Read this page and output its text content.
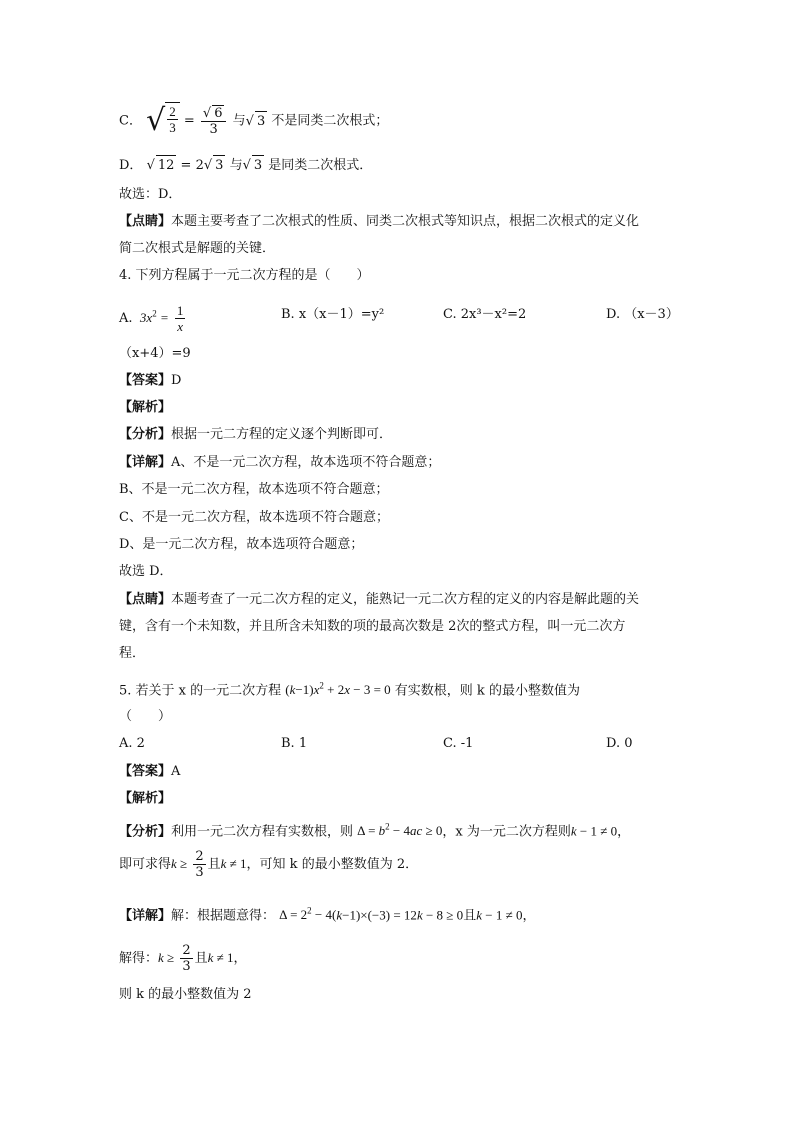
C． √ $\frac{2}{3} = \frac{√ 6}{3}$ 与√ 3 不是同类二次根式；
D． √ 12 = 2√ 3 与√ 3 是同类二次根式．
故选：D．
【点睛】本题主要考查了二次根式的性质、同类二次根式等知识点，根据二次根式的定义化
简二次根式是解题的关键．
4. 下列方程属于一元二次方程的是（　　）
A.  $3x^2 = \frac{1}{x}$	B. x（x－1）=y²	C. 2x³－x²=2	D. （x－3）
（x+4）=9
【答案】D
【解析】
【分析】根据一元二方程的定义逐个判断即可．
【详解】A、不是一元二次方程，故本选项不符合题意；
B、不是一元二次方程，故本选项不符合题意；
C、不是一元二次方程，故本选项不符合题意；
D、是一元二次方程，故本选项符合题意；
故选 D．
【点睛】本题考查了一元二次方程的定义，能熟记一元二次方程的定义的内容是解此题的关
键，含有一个未知数，并且所含未知数的项的最高次数是 2次的整式方程，叫一元二次方
程．
5. 若关于 x 的一元二次方程 $(k-1)x^2 + 2x - 3 = 0$ 有实数根，则 k 的最小整数值为
（　　）
A. 2	B. 1	C. -1	D. 0
【答案】A
【解析】
【分析】利用一元二次方程有实数根，则 $\Delta = b^2 - 4ac \ge 0$，x 为一元二次方程则k − 1 ≠ 0，
即可求得$k \ge \frac{2}{3}$ 且k ≠ 1，可知 k 的最小整数值为 2．
【详解】解：根据题意得： $\Delta = 2^2 - 4(k-1)\times(-3) = 12k - 8 \ge 0$且k − 1 ≠ 0，
解得：$k \ge \frac{2}{3}$ 且k ≠ 1，
则 k 的最小整数值为 2
